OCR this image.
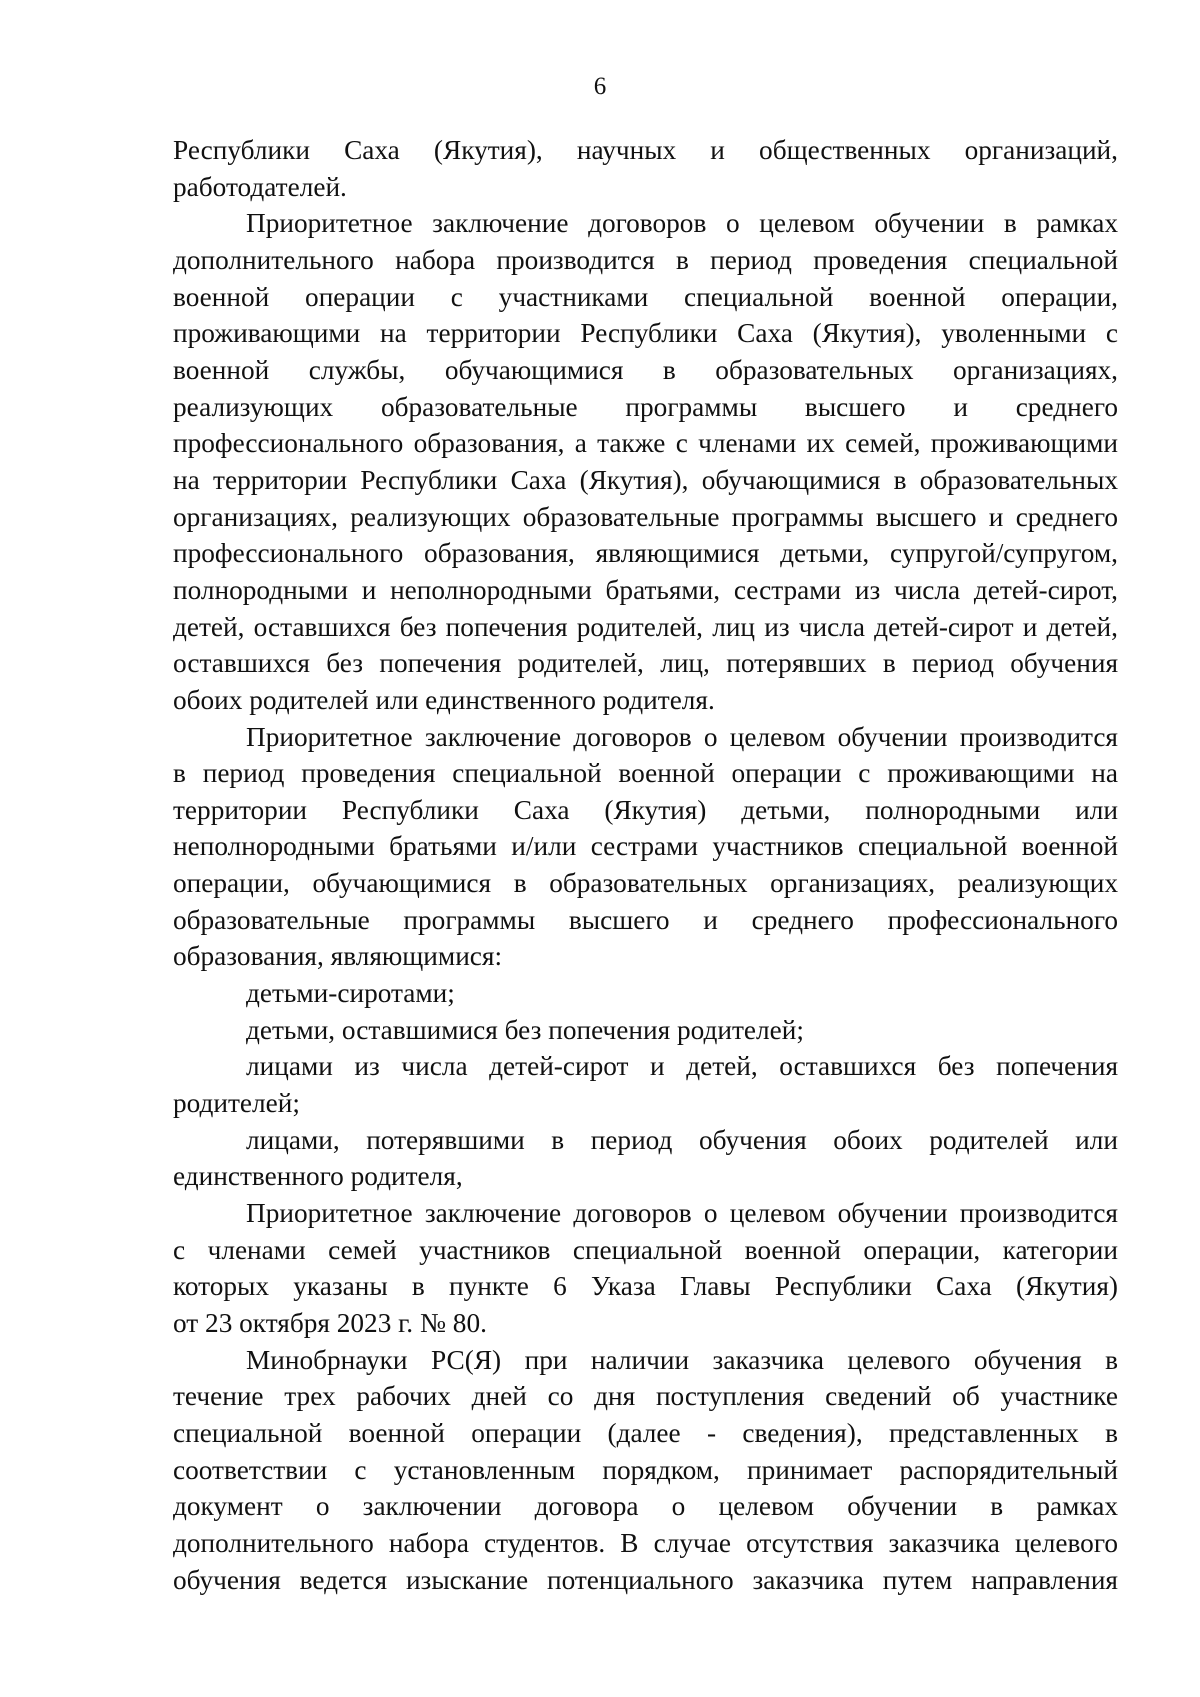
6
Республики Саха (Якутия), научных и общественных организаций,
работодателей.
Приоритетное заключение договоров о целевом обучении в рамках
дополнительного набора производится в период проведения специальной
военной операции с участниками специальной военной операции,
проживающими на территории Республики Саха (Якутия), уволенными с
военной службы, обучающимися в образовательных организациях,
реализующих образовательные программы высшего и среднего
профессионального образования, а также с членами их семей, проживающими
на территории Республики Саха (Якутия), обучающимися в образовательных
организациях, реализующих образовательные программы высшего и среднего
профессионального образования, являющимися детьми, супругой/супругом,
полнородными и неполнородными братьями, сестрами из числа детей-сирот,
детей, оставшихся без попечения родителей, лиц из числа детей-сирот и детей,
оставшихся без попечения родителей, лиц, потерявших в период обучения
обоих родителей или единственного родителя.
Приоритетное заключение договоров о целевом обучении производится
в период проведения специальной военной операции с проживающими на
территории Республики Саха (Якутия) детьми, полнородными или
неполнородными братьями и/или сестрами участников специальной военной
операции, обучающимися в образовательных организациях, реализующих
образовательные программы высшего и среднего профессионального
образования, являющимися:
детьми-сиротами;
детьми, оставшимися без попечения родителей;
лицами из числа детей-сирот и детей, оставшихся без попечения
родителей;
лицами, потерявшими в период обучения обоих родителей или
единственного родителя,
Приоритетное заключение договоров о целевом обучении производится
с членами семей участников специальной военной операции, категории
которых указаны в пункте 6 Указа Главы Республики Саха (Якутия)
от 23 октября 2023 г. № 80.
Минобрнауки РС(Я) при наличии заказчика целевого обучения в
течение трех рабочих дней со дня поступления сведений об участнике
специальной военной операции (далее - сведения), представленных в
соответствии с установленным порядком, принимает распорядительный
документ о заключении договора о целевом обучении в рамках
дополнительного набора студентов. В случае отсутствия заказчика целевого
обучения ведется изыскание потенциального заказчика путем направления
